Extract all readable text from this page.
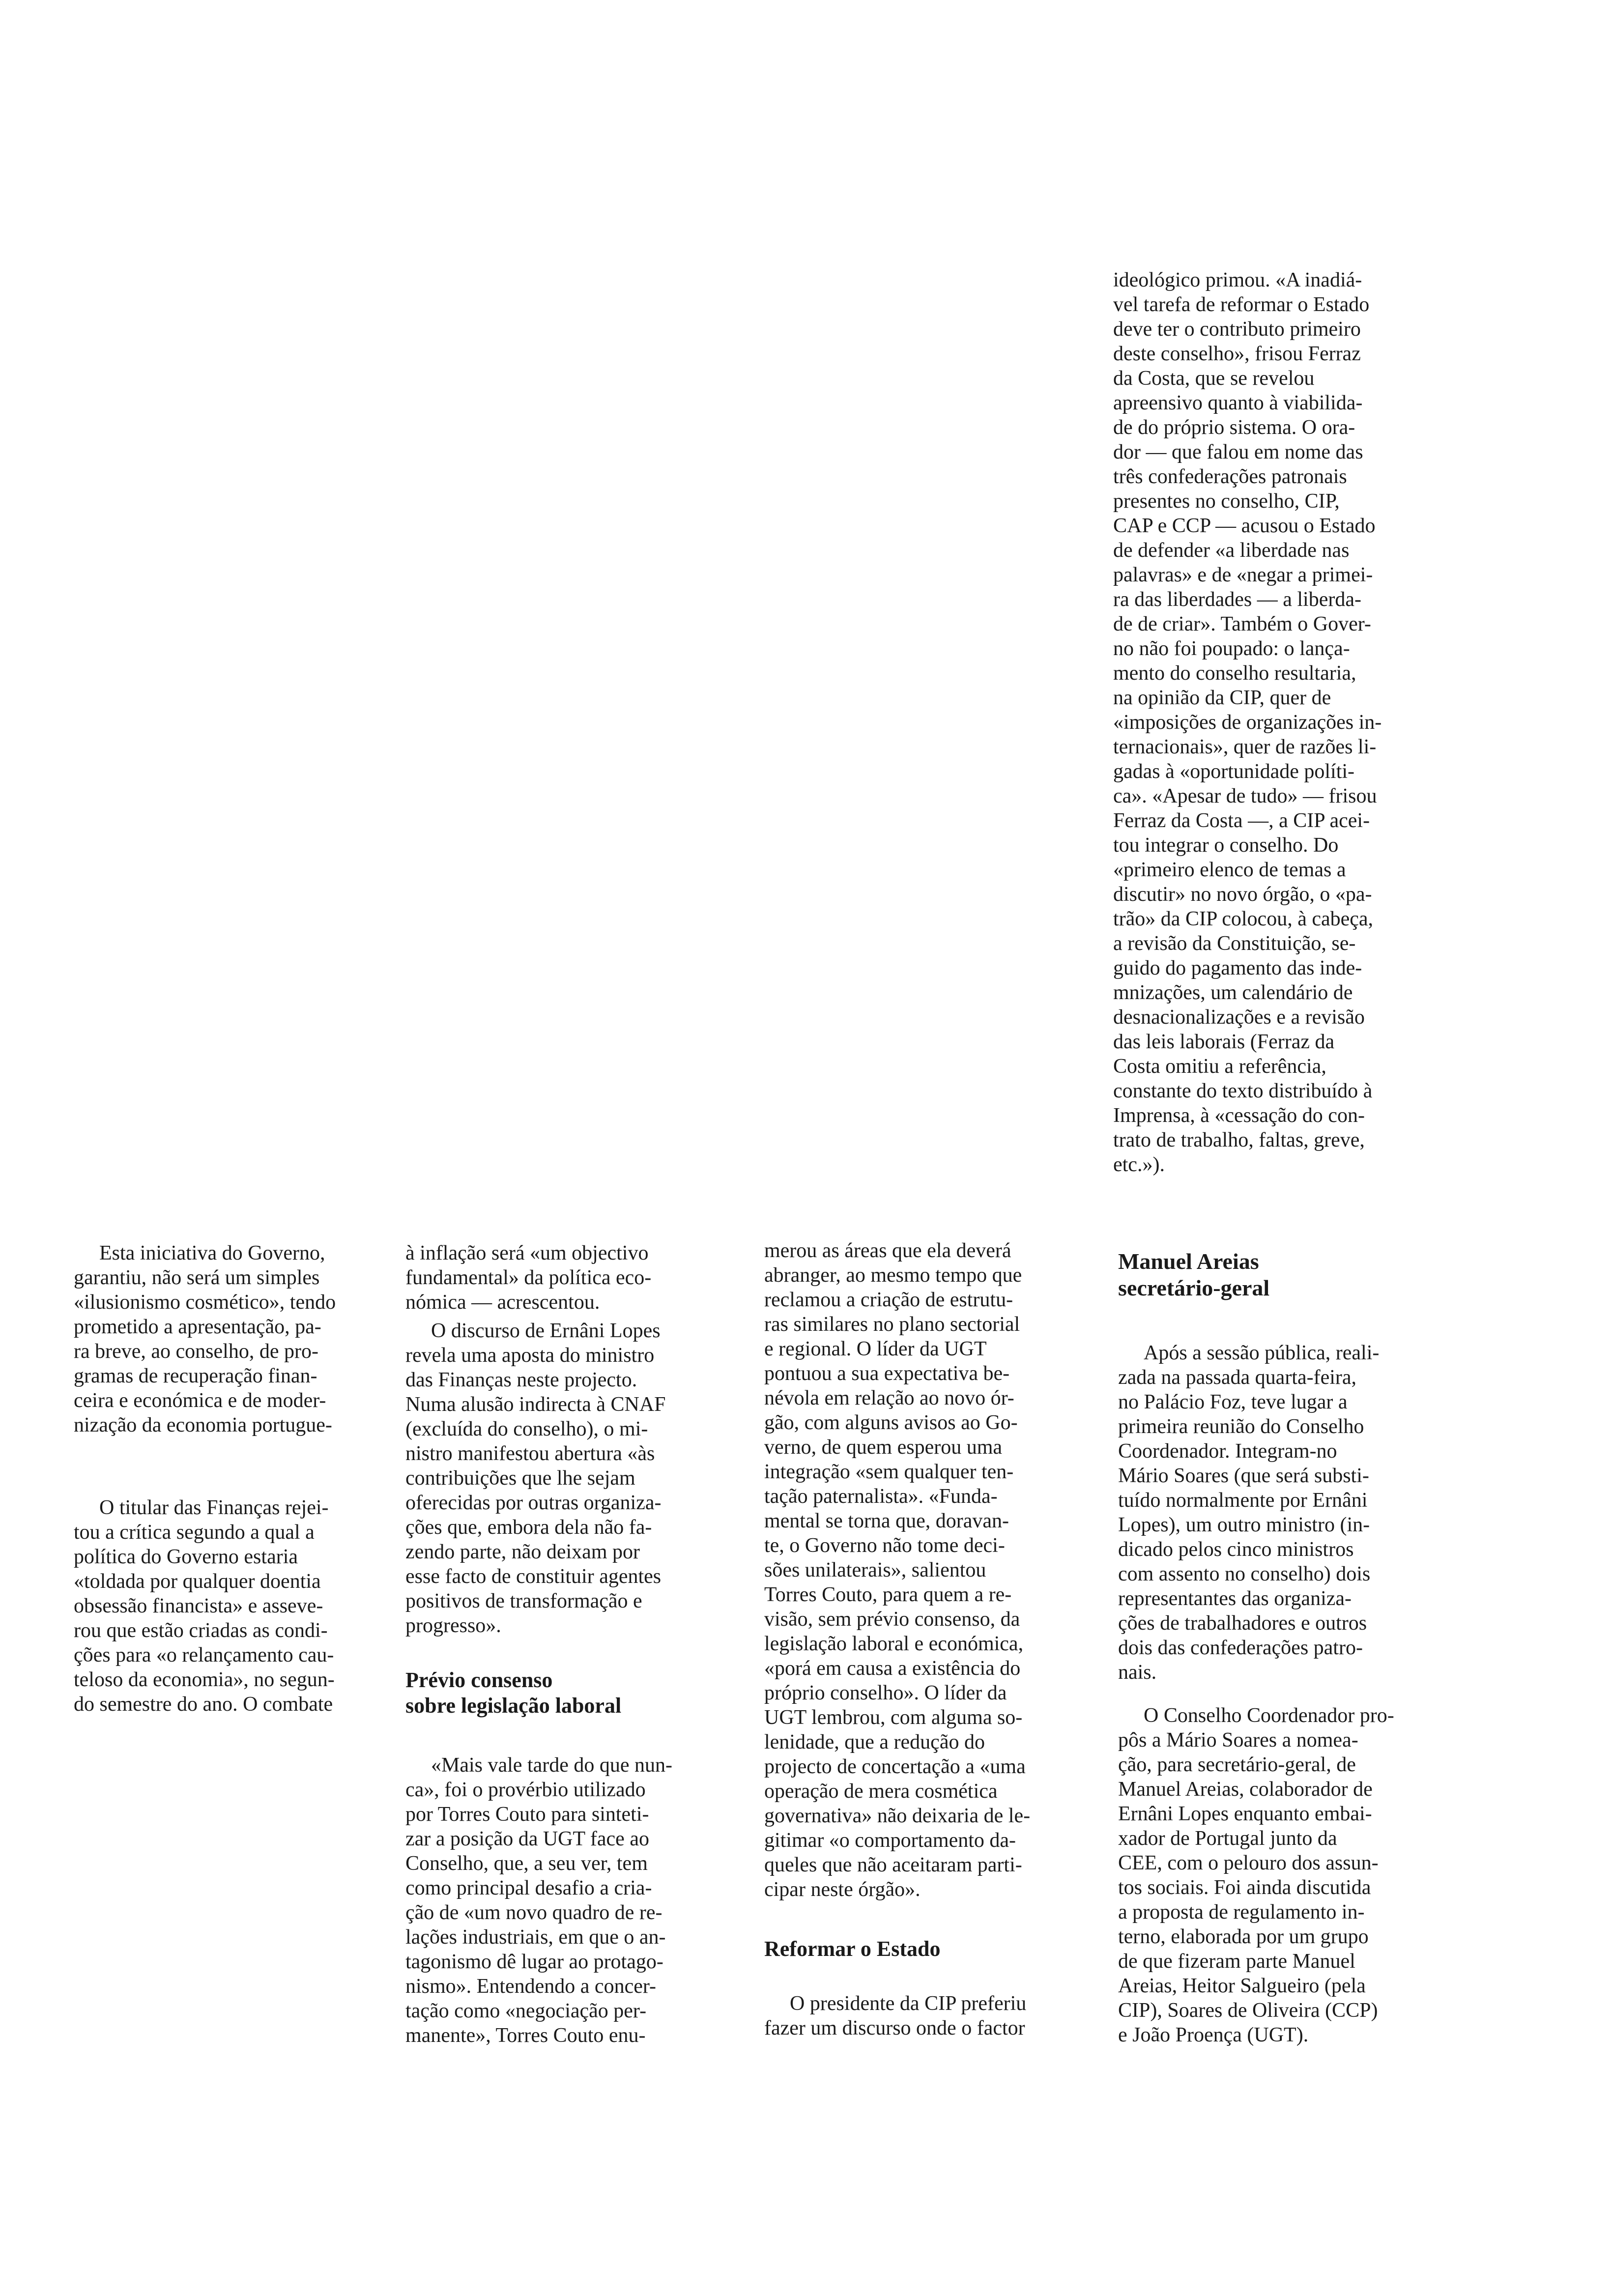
ideológico primou. «A inadiá-
vel tarefa de reformar o Estado
deve ter o contributo primeiro
deste conselho», frisou Ferraz
da Costa, que se revelou
apreensivo quanto à viabilida-
de do próprio sistema. O ora-
dor — que falou em nome das
três confederações patronais
presentes no conselho, CIP,
CAP e CCP — acusou o Estado
de defender «a liberdade nas
palavras» e de «negar a primei-
ra das liberdades — a liberda-
de de criar». Também o Gover-
no não foi poupado: o lança-
mento do conselho resultaria,
na opinião da CIP, quer de
«imposições de organizações in-
ternacionais», quer de razões li-
gadas à «oportunidade políti-
ca». «Apesar de tudo» — frisou
Ferraz da Costa —, a CIP acei-
tou integrar o conselho. Do
«primeiro elenco de temas a
discutir» no novo órgão, o «pa-
trão» da CIP colocou, à cabeça,
a revisão da Constituição, se-
guido do pagamento das inde-
mnizações, um calendário de
desnacionalizações e a revisão
das leis laborais (Ferraz da
Costa omitiu a referência,
constante do texto distribuído à
Imprensa, à «cessação do con-
trato de trabalho, faltas, greve,
etc.»).
Esta iniciativa do Governo,
garantiu, não será um simples
«ilusionismo cosmético», tendo
prometido a apresentação, pa-
ra breve, ao conselho, de pro-
gramas de recuperação finan-
ceira e económica e de moder-
nização da economia portugue-
O titular das Finanças rejei-
tou a crítica segundo a qual a
política do Governo estaria
«toldada por qualquer doentia
obsessão financista» e asseve-
rou que estão criadas as condi-
ções para «o relançamento cau-
teloso da economia», no segun-
do semestre do ano. O combate
à inflação será «um objectivo
fundamental» da política eco-
nómica — acrescentou.
O discurso de Ernâni Lopes
revela uma aposta do ministro
das Finanças neste projecto.
Numa alusão indirecta à CNAF
(excluída do conselho), o mi-
nistro manifestou abertura «às
contribuições que lhe sejam
oferecidas por outras organiza-
ções que, embora dela não fa-
zendo parte, não deixam por
esse facto de constituir agentes
positivos de transformação e
progresso».
Prévio consenso
sobre legislação laboral
«Mais vale tarde do que nun-
ca», foi o provérbio utilizado
por Torres Couto para sinteti-
zar a posição da UGT face ao
Conselho, que, a seu ver, tem
como principal desafio a cria-
ção de «um novo quadro de re-
lações industriais, em que o an-
tagonismo dê lugar ao protago-
nismo». Entendendo a concer-
tação como «negociação per-
manente», Torres Couto enu-
merou as áreas que ela deverá
abranger, ao mesmo tempo que
reclamou a criação de estrutu-
ras similares no plano sectorial
e regional. O líder da UGT
pontuou a sua expectativa be-
névola em relação ao novo ór-
gão, com alguns avisos ao Go-
verno, de quem esperou uma
integração «sem qualquer ten-
tação paternalista». «Funda-
mental se torna que, doravan-
te, o Governo não tome deci-
sões unilaterais», salientou
Torres Couto, para quem a re-
visão, sem prévio consenso, da
legislação laboral e económica,
«porá em causa a existência do
próprio conselho». O líder da
UGT lembrou, com alguma so-
lenidade, que a redução do
projecto de concertação a «uma
operação de mera cosmética
governativa» não deixaria de le-
gitimar «o comportamento da-
queles que não aceitaram parti-
cipar neste órgão».
Reformar o Estado
O presidente da CIP preferiu
fazer um discurso onde o factor
Manuel Areias
secretário-geral
Após a sessão pública, reali-
zada na passada quarta-feira,
no Palácio Foz, teve lugar a
primeira reunião do Conselho
Coordenador. Integram-no
Mário Soares (que será substi-
tuído normalmente por Ernâni
Lopes), um outro ministro (in-
dicado pelos cinco ministros
com assento no conselho) dois
representantes das organiza-
ções de trabalhadores e outros
dois das confederações patro-
nais.
O Conselho Coordenador pro-
pôs a Mário Soares a nomea-
ção, para secretário-geral, de
Manuel Areias, colaborador de
Ernâni Lopes enquanto embai-
xador de Portugal junto da
CEE, com o pelouro dos assun-
tos sociais. Foi ainda discutida
a proposta de regulamento in-
terno, elaborada por um grupo
de que fizeram parte Manuel
Areias, Heitor Salgueiro (pela
CIP), Soares de Oliveira (CCP)
e João Proença (UGT).
